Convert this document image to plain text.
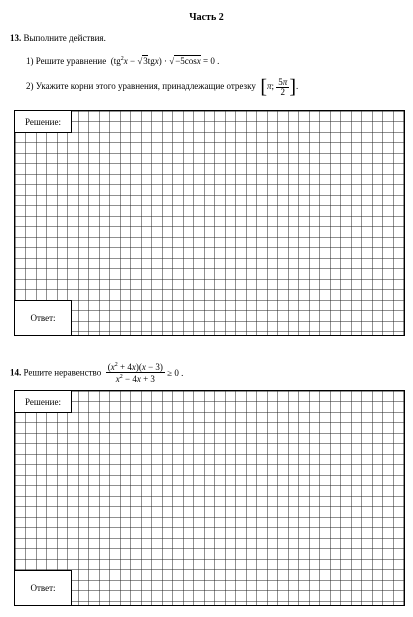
Часть 2
13. Выполните действия.
1) Решите уравнение  $(tg^2x - √3tgx) \cdot √-5\cos x = 0$ .
2) Укажите корни этого уравнения, принадлежащие отрезку [π; $\frac{5\pi}{2}$ ].
Решение:
Ответ:
14. Решите неравенство $\frac{(x^2 + 4x)(x - 3)}{x^2 - 4x + 3} \ge 0$ .
Решение:
Ответ:
